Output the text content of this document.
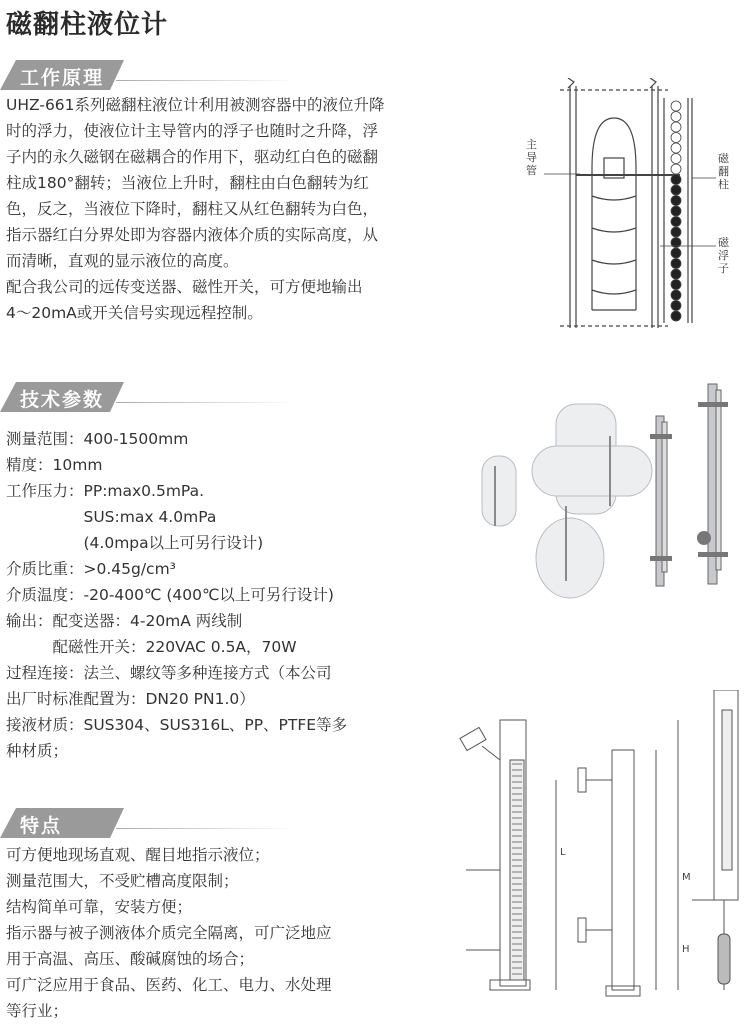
磁翻柱液位计
工作原理

UHZ-661系列磁翻柱液位计利用被测容器中的液位升降

时的浮力，使液位计主导管内的浮子也随时之升降，浮

子内的永久磁钢在磁耦合的作用下，驱动红白色的磁翻

柱成180°翻转；当液位上升时，翻柱由白色翻转为红

色，反之，当液位下降时，翻柱又从红色翻转为白色，

指示器红白分界处即为容器内液体介质的实际高度，从

而清晰，直观的显示液位的高度。

配合我公司的远传变送器、磁性开关，可方便地输出

4～20mA或开关信号实现远程控制。

技术参数

测量范围：400-1500mm

精度：10mm

工作压力：PP:max0.5mPa.

　　　　　SUS:max 4.0mPa

　　　　　(4.0mpa以上可另行设计)

介质比重：>0.45g/cm³

介质温度：-20-400℃ (400℃以上可另行设计)

输出：配变送器：4-20mA 两线制

　　　配磁性开关：220VAC 0.5A，70W

过程连接：法兰、螺纹等多种连接方式（本公司

出厂时标准配置为：DN20 PN1.0）

接液材质：SUS304、SUS316L、PP、PTFE等多

种材质；

特点

可方便地现场直观、醒目地指示液位；

测量范围大，不受贮槽高度限制；

结构简单可靠，安装方便；

指示器与被子测液体介质完全隔离，可广泛地应

用于高温、高压、酸碱腐蚀的场合；

可广泛应用于食品、医药、化工、电力、水处理

等行业；

主导管
磁翻柱
磁浮子
L
M
H
